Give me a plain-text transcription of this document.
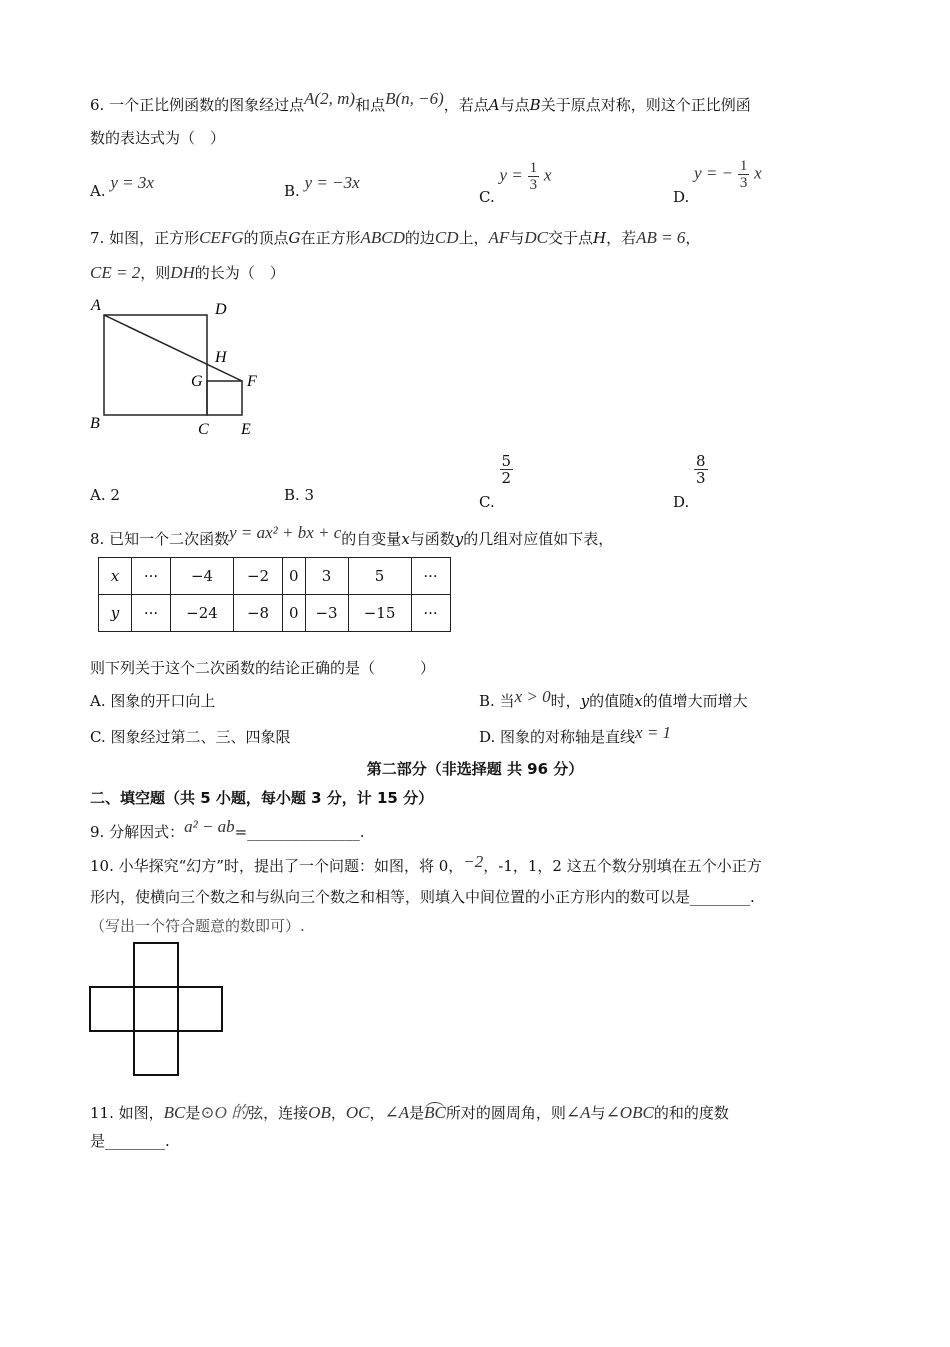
6. 一个正比例函数的图象经过点A(2, m)和点B(n, −6)，若点A与点B关于原点对称，则这个正比例函
数的表达式为（　）
A. y = 3x	B. y = −3x
C. $y = \frac{1}{3}$ x
D. y = − $\frac{1}{3}$ x
7. 如图，正方形CEFG的顶点G在正方形ABCD的边CD上，AF与DC交于点H，若AB = 6，
CE = 2，则DH的长为（　）
A	D
H
G	F
B	C E
A. 2	B. 3	C.
$\frac{5}{2}$
D.
$\frac{8}{3}$
8. 已知一个二次函数y = ax² + bx + c的自变量x与函数y的几组对应值如下表，
x	···	−4	−2	0	3	5	···
y	···	−24	−8	0	−3	−15	···
则下列关于这个二次函数的结论正确的是（　　　）
A. 图象的开口向上	B. 当x > 0时，y的值随x的值增大而增大
C. 图象经过第二、三、四象限	D. 图象的对称轴是直线x = 1
第二部分（非选择题 共 96 分）
二、填空题（共 5 小题，每小题 3 分，计 15 分）
9. 分解因式：a² − ab=_______________.
10. 小华探究“幻方”时，提出了一个问题：如图，将 0，−2，-1，1，2 这五个数分别填在五个小正方
形内，使横向三个数之和与纵向三个数之和相等，则填入中间位置的小正方形内的数可以是________.
（写出一个符合题意的数即可）.
11. 如图，BC是⊙O 的弦，连接OB，OC，∠A是BC所对的圆周角，则∠A与∠OBC的和的度数
是________.
